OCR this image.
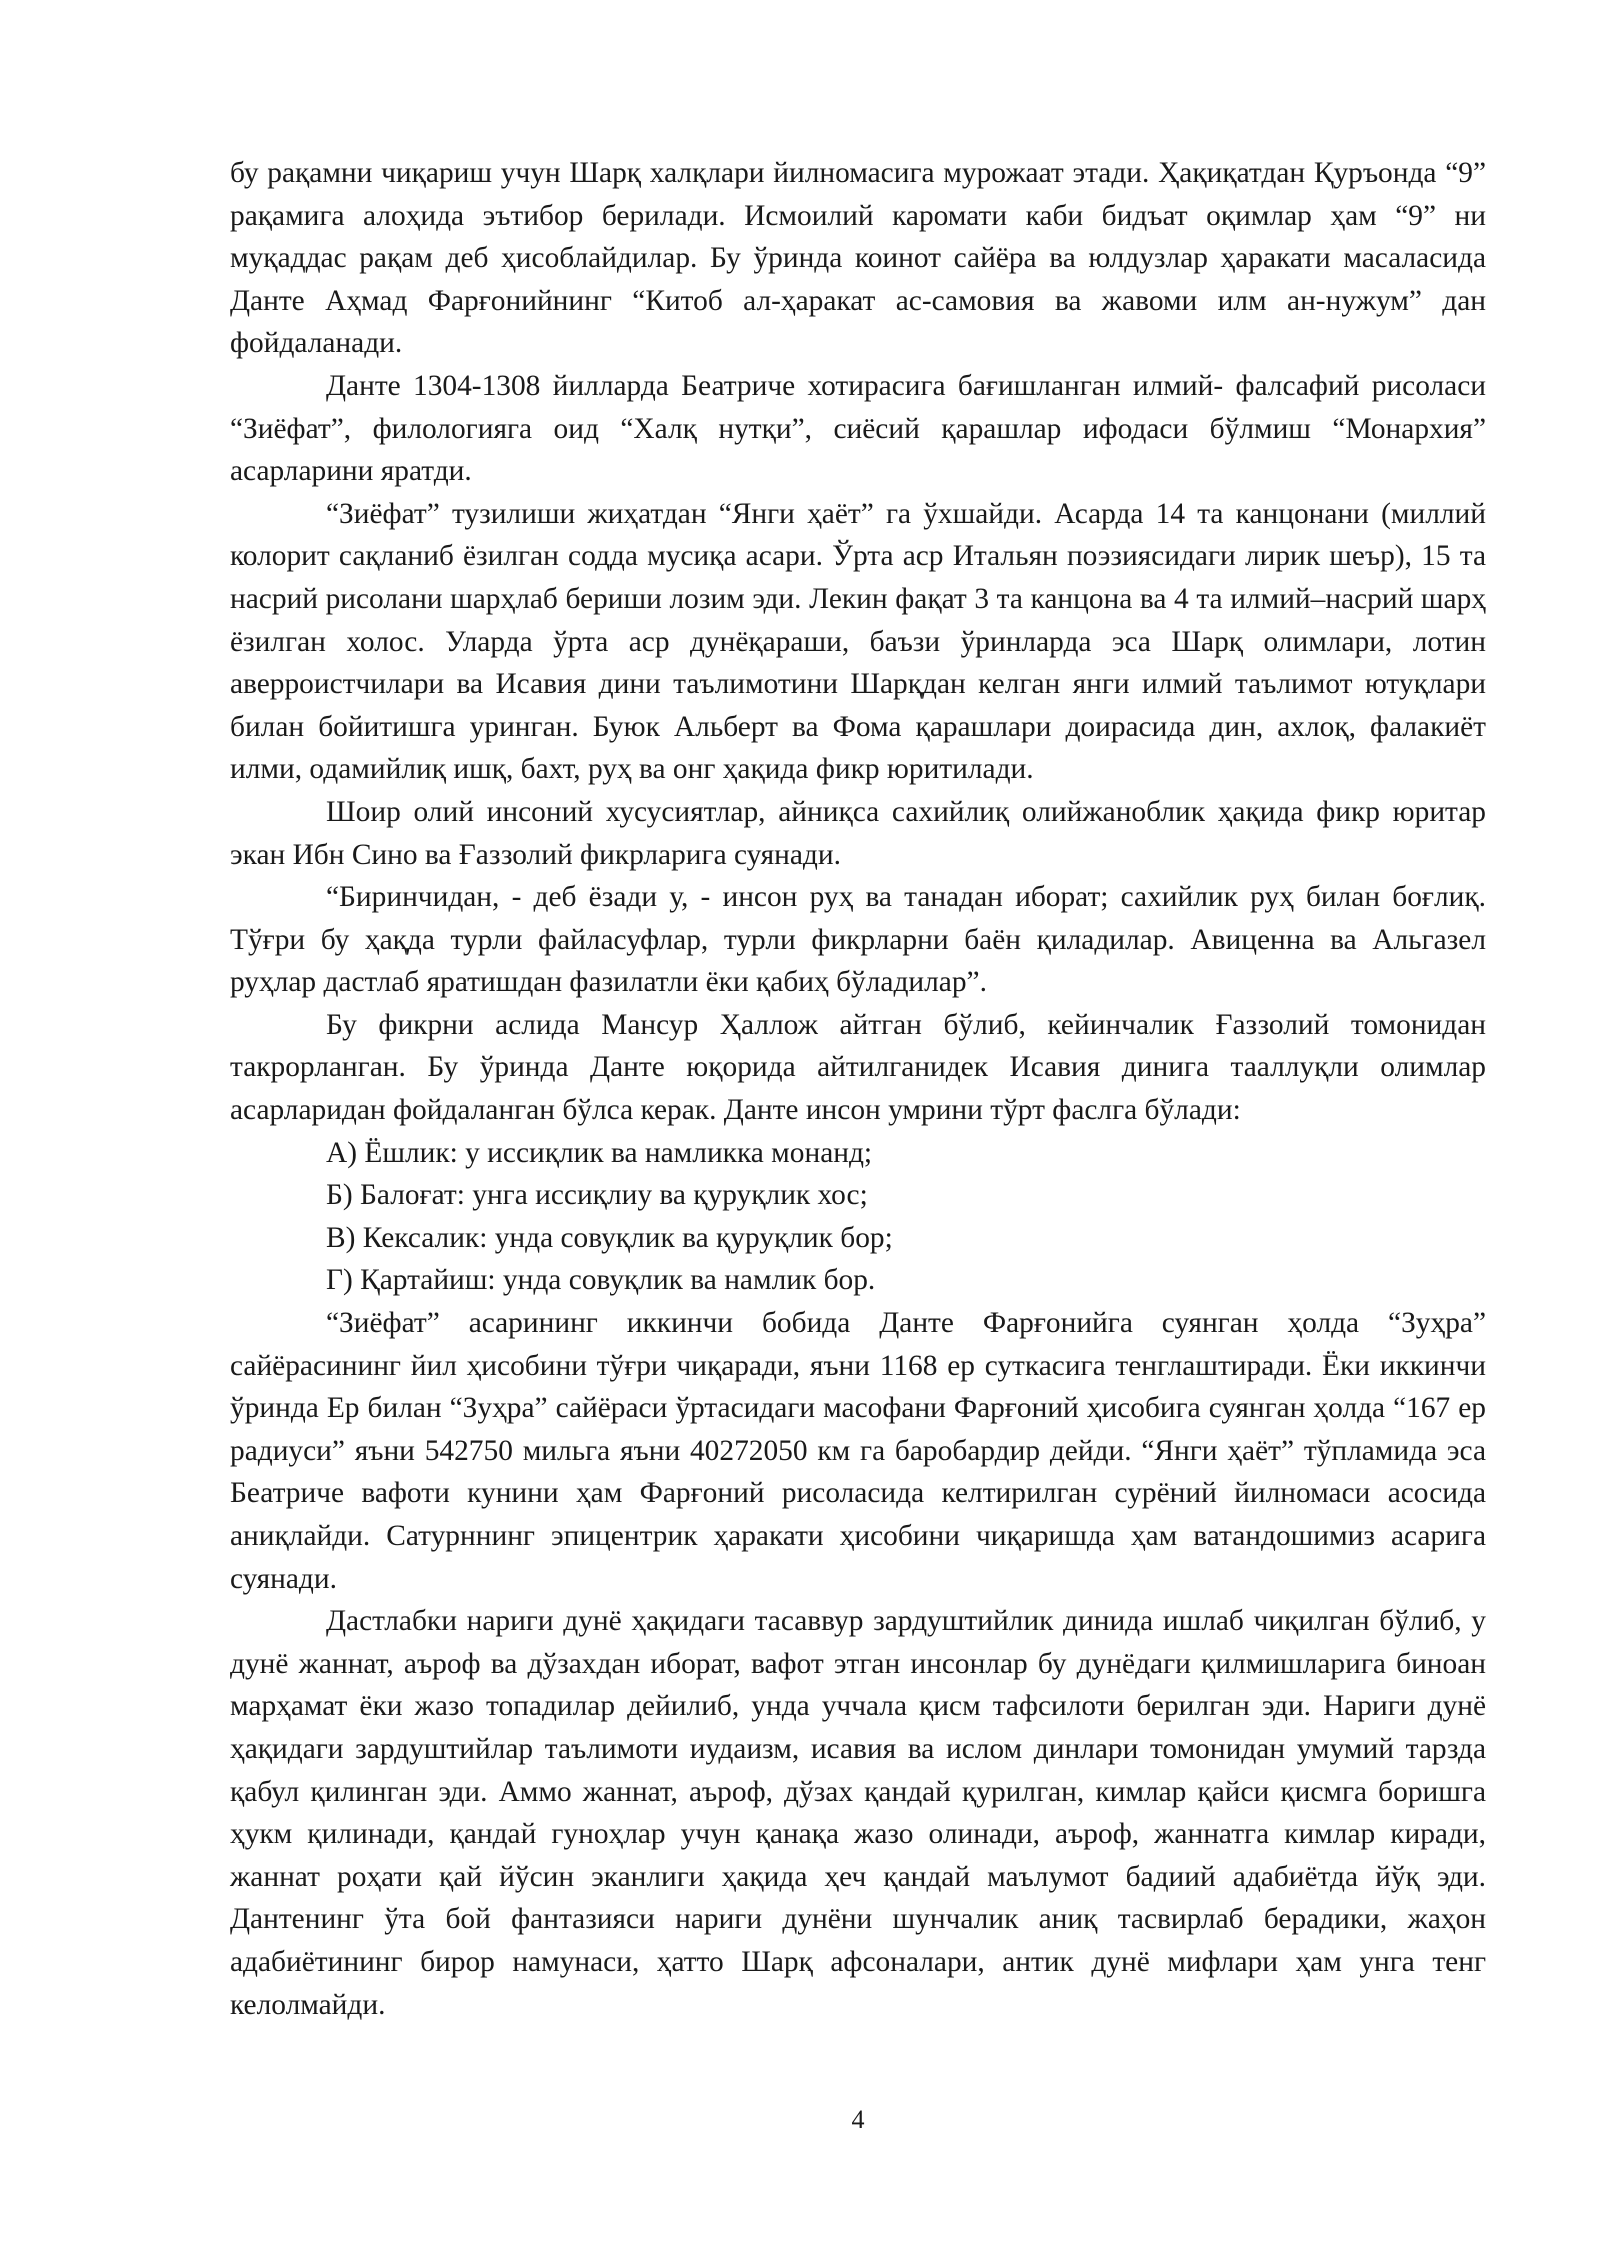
бу рақамни чиқариш учун Шарқ халқлари йилномасига мурожаат этади. Ҳақиқатдан Қуръонда “9” рақамига алоҳида эътибор берилади. Исмоилий каромати каби бидъат оқимлар ҳам “9” ни муқаддас рақам деб ҳисоблайдилар. Бу ўринда коинот сайёра ва юлдузлар ҳаракати масаласида Данте Аҳмад Фарғонийнинг “Китоб ал-ҳаракат ас-самовия ва жавоми илм ан-нужум” дан фойдаланади.

Данте 1304-1308 йилларда Беатриче хотирасига бағишланган илмий- фалсафий рисоласи “Зиёфат”, филологияга оид “Халқ нутқи”, сиёсий қарашлар ифодаси бўлмиш “Монархия” асарларини яратди.

“Зиёфат” тузилиши жиҳатдан “Янги ҳаёт” га ўхшайди. Асарда 14 та канцонани (миллий колорит сақланиб ёзилган содда мусиқа асари. Ўрта аср Итальян поэзиясидаги лирик шеър), 15 та насрий рисолани шарҳлаб бериши лозим эди. Лекин фақат 3 та канцона ва 4 та илмий–насрий шарҳ ёзилган холос. Уларда ўрта аср дунёқараши, баъзи ўринларда эса Шарқ олимлари, лотин аверроистчилари ва Исавия дини таълимотини Шарқдан келган янги илмий таълимот ютуқлари билан бойитишга уринган. Буюк Альберт ва Фома қарашлари доирасида дин, ахлоқ, фалакиёт илми, одамийлиқ ишқ, бахт, руҳ ва онг ҳақида фикр юритилади.

Шоир олий инсоний хусусиятлар, айниқса сахийлиқ олийжаноблик ҳақида фикр юритар экан Ибн Сино ва Ғаззолий фикрларига суянади.

“Биринчидан, - деб ёзади у, - инсон руҳ ва танадан иборат; сахийлик руҳ билан боғлиқ. Тўғри бу ҳақда турли файласуфлар, турли фикрларни баён қиладилар. Авиценна ва Альгазел руҳлар дастлаб яратишдан фазилатли ёки қабиҳ бўладилар”.

Бу фикрни аслида Мансур Ҳаллож айтган бўлиб, кейинчалик Ғаззолий томонидан такрорланган. Бу ўринда Данте юқорида айтилганидек Исавия динига тааллуқли олимлар асарларидан фойдаланган бўлса керак. Данте инсон умрини тўрт фаслга бўлади:

А) Ёшлик: у иссиқлик ва намликка монанд;

Б) Балоғат: унга иссиқлиу ва қуруқлик хос;

В) Кексалик: унда совуқлик ва қуруқлик бор;

Г) Қартайиш: унда совуқлик ва намлик бор.

“Зиёфат” асарининг иккинчи бобида Данте Фарғонийга суянган ҳолда “Зуҳра” сайёрасининг йил ҳисобини тўғри чиқаради, яъни 1168 ер суткасига тенглаштиради. Ёки иккинчи ўринда Ер билан “Зуҳра” сайёраси ўртасидаги масофани Фарғоний ҳисобига суянган ҳолда “167 ер радиуси” яъни 542750 мильга яъни 40272050 км га баробардир дейди. “Янги ҳаёт” тўпламида эса Беатриче вафоти кунини ҳам Фарғоний рисоласида келтирилган сурёний йилномаси асосида аниқлайди. Сатурннинг эпицентрик ҳаракати ҳисобини чиқаришда ҳам ватандошимиз асарига суянади.

Дастлабки нариги дунё ҳақидаги тасаввур зардуштийлик динида ишлаб чиқилган бўлиб, у дунё жаннат, аъроф ва дўзахдан иборат, вафот этган инсонлар бу дунёдаги қилмишларига биноан марҳамат ёки жазо топадилар дейилиб, унда уччала қисм тафсилоти берилган эди. Нариги дунё ҳақидаги зардуштийлар таълимоти иудаизм, исавия ва ислом динлари томонидан умумий тарзда қабул қилинган эди. Аммо жаннат, аъроф, дўзах қандай қурилган, кимлар қайси қисмга боришга ҳукм қилинади, қандай гуноҳлар учун қанақа жазо олинади, аъроф, жаннатга кимлар киради, жаннат роҳати қай йўсин эканлиги ҳақида ҳеч қандай маълумот бадиий адабиётда йўқ эди. Дантенинг ўта бой фантазияси нариги дунёни шунчалик аниқ тасвирлаб берадики, жаҳон адабиётининг бирор намунаси, ҳатто Шарқ афсоналари, антик дунё мифлари ҳам унга тенг келолмайди.

4
